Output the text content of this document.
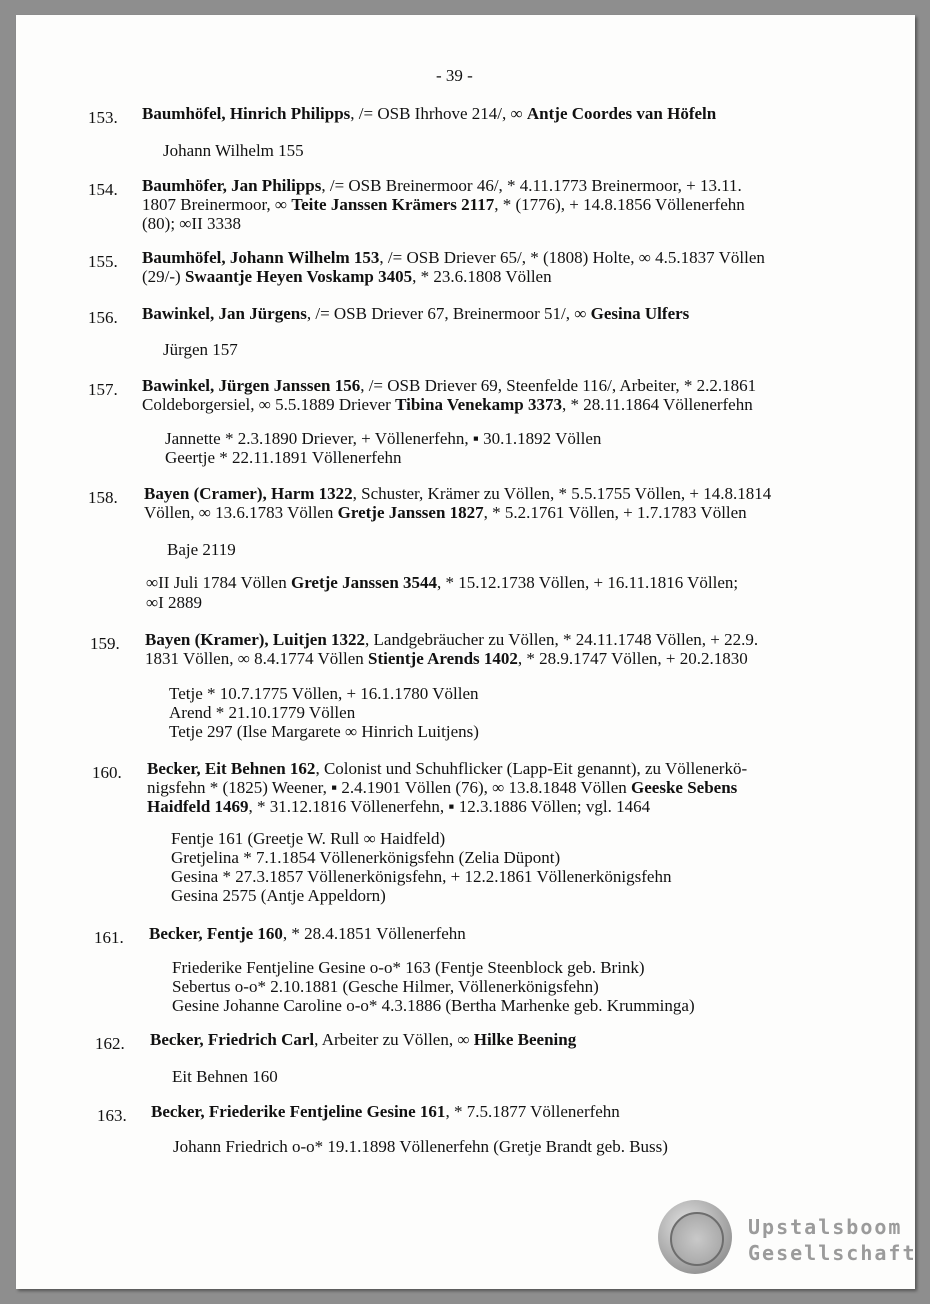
- 39 -
153. Baumhöfel, Hinrich Philipps, /= OSB Ihrhove 214/, ∞ Antje Coordes van Höfeln
Johann Wilhelm 155
154. Baumhöfer, Jan Philipps, /= OSB Breinermoor 46/, * 4.11.1773 Breinermoor, + 13.11.
1807 Breinermoor, ∞ Teite Janssen Krämers 2117, * (1776), + 14.8.1856 Völlenerfehn
(80); ∞II 3338
155. Baumhöfel, Johann Wilhelm 153, /= OSB Driever 65/, * (1808) Holte, ∞ 4.5.1837 Völlen
(29/-) Swaantje Heyen Voskamp 3405, * 23.6.1808 Völlen
156. Bawinkel, Jan Jürgens, /= OSB Driever 67, Breinermoor 51/, ∞ Gesina Ulfers
Jürgen 157
157. Bawinkel, Jürgen Janssen 156, /= OSB Driever 69, Steenfelde 116/, Arbeiter, * 2.2.1861
Coldeborgersiel, ∞ 5.5.1889 Driever Tibina Venekamp 3373, * 28.11.1864 Völlenerfehn
Jannette * 2.3.1890 Driever, + Völlenerfehn, ▪ 30.1.1892 Völlen
Geertje * 22.11.1891 Völlenerfehn
158. Bayen (Cramer), Harm 1322, Schuster, Krämer zu Völlen, * 5.5.1755 Völlen, + 14.8.1814
Völlen, ∞ 13.6.1783 Völlen Gretje Janssen 1827, * 5.2.1761 Völlen, + 1.7.1783 Völlen
Baje 2119
∞II Juli 1784 Völlen Gretje Janssen 3544, * 15.12.1738 Völlen, + 16.11.1816 Völlen;
∞I 2889
159. Bayen (Kramer), Luitjen 1322, Landgebräucher zu Völlen, * 24.11.1748 Völlen, + 22.9.
1831 Völlen, ∞ 8.4.1774 Völlen Stientje Arends 1402, * 28.9.1747 Völlen, + 20.2.1830
Tetje * 10.7.1775 Völlen, + 16.1.1780 Völlen
Arend * 21.10.1779 Völlen
Tetje 297 (Ilse Margarete ∞ Hinrich Luitjens)
160. Becker, Eit Behnen 162, Colonist und Schuhflicker (Lapp-Eit genannt), zu Völlenerkö-
nigsfehn * (1825) Weener, ▪ 2.4.1901 Völlen (76), ∞ 13.8.1848 Völlen Geeske Sebens
Haidfeld 1469, * 31.12.1816 Völlenerfehn, ▪ 12.3.1886 Völlen; vgl. 1464
Fentje 161 (Greetje W. Rull ∞ Haidfeld)
Gretjelina * 7.1.1854 Völlenerkönigsfehn (Zelia Düpont)
Gesina * 27.3.1857 Völlenerkönigsfehn, + 12.2.1861 Völlenerkönigsfehn
Gesina 2575 (Antje Appeldorn)
161. Becker, Fentje 160, * 28.4.1851 Völlenerfehn
Friederike Fentjeline Gesine o-o* 163 (Fentje Steenblock geb. Brink)
Sebertus o-o* 2.10.1881 (Gesche Hilmer, Völlenerkönigsfehn)
Gesine Johanne Caroline o-o* 4.3.1886 (Bertha Marhenke geb. Krumminga)
162. Becker, Friedrich Carl, Arbeiter zu Völlen, ∞ Hilke Beening
Eit Behnen 160
163. Becker, Friederike Fentjeline Gesine 161, * 7.5.1877 Völlenerfehn
Johann Friedrich o-o* 19.1.1898 Völlenerfehn (Gretje Brandt geb. Buss)
Upstalsboom
Gesellschaft
